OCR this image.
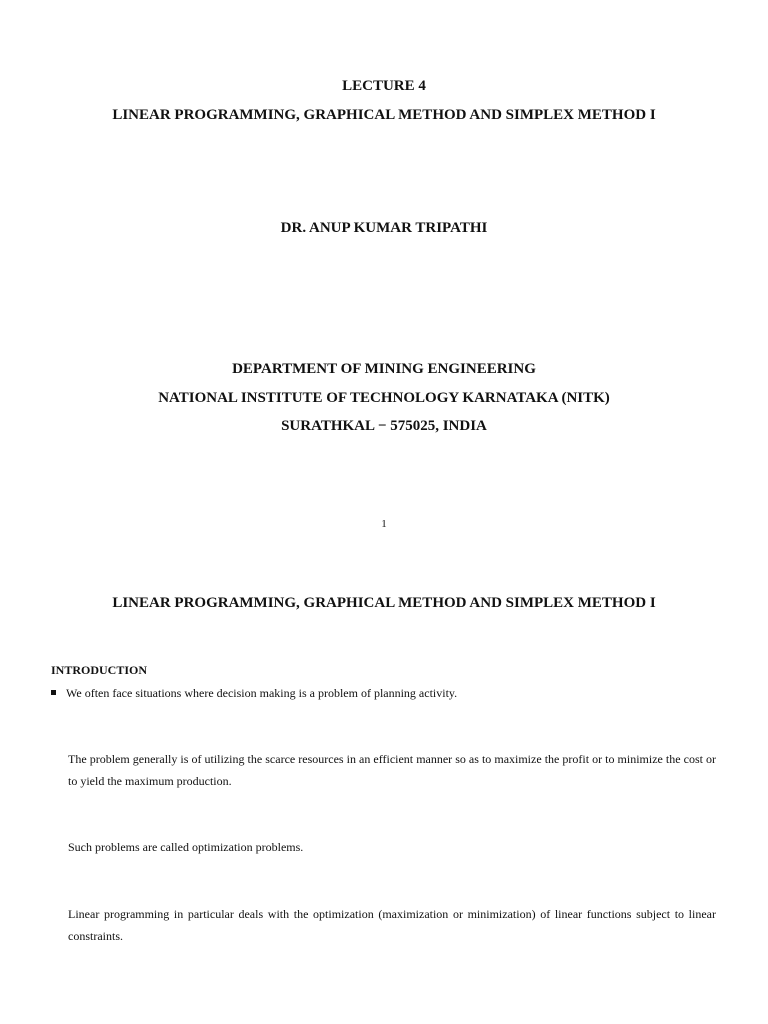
LECTURE 4
LINEAR PROGRAMMING, GRAPHICAL METHOD AND SIMPLEX METHOD I
DR. ANUP KUMAR TRIPATHI
DEPARTMENT OF MINING ENGINEERING
NATIONAL INSTITUTE OF TECHNOLOGY KARNATAKA (NITK)
SURATHKAL − 575025, INDIA
1
LINEAR PROGRAMMING, GRAPHICAL METHOD AND SIMPLEX METHOD I
INTRODUCTION
We often face situations where decision making is a problem of planning activity.
The problem generally is of utilizing the scarce resources in an efficient manner so as to maximize the profit or to minimize the cost or to yield the maximum production.
Such problems are called optimization problems.
Linear programming in particular deals with the optimization (maximization or minimization) of linear functions subject to linear constraints.
